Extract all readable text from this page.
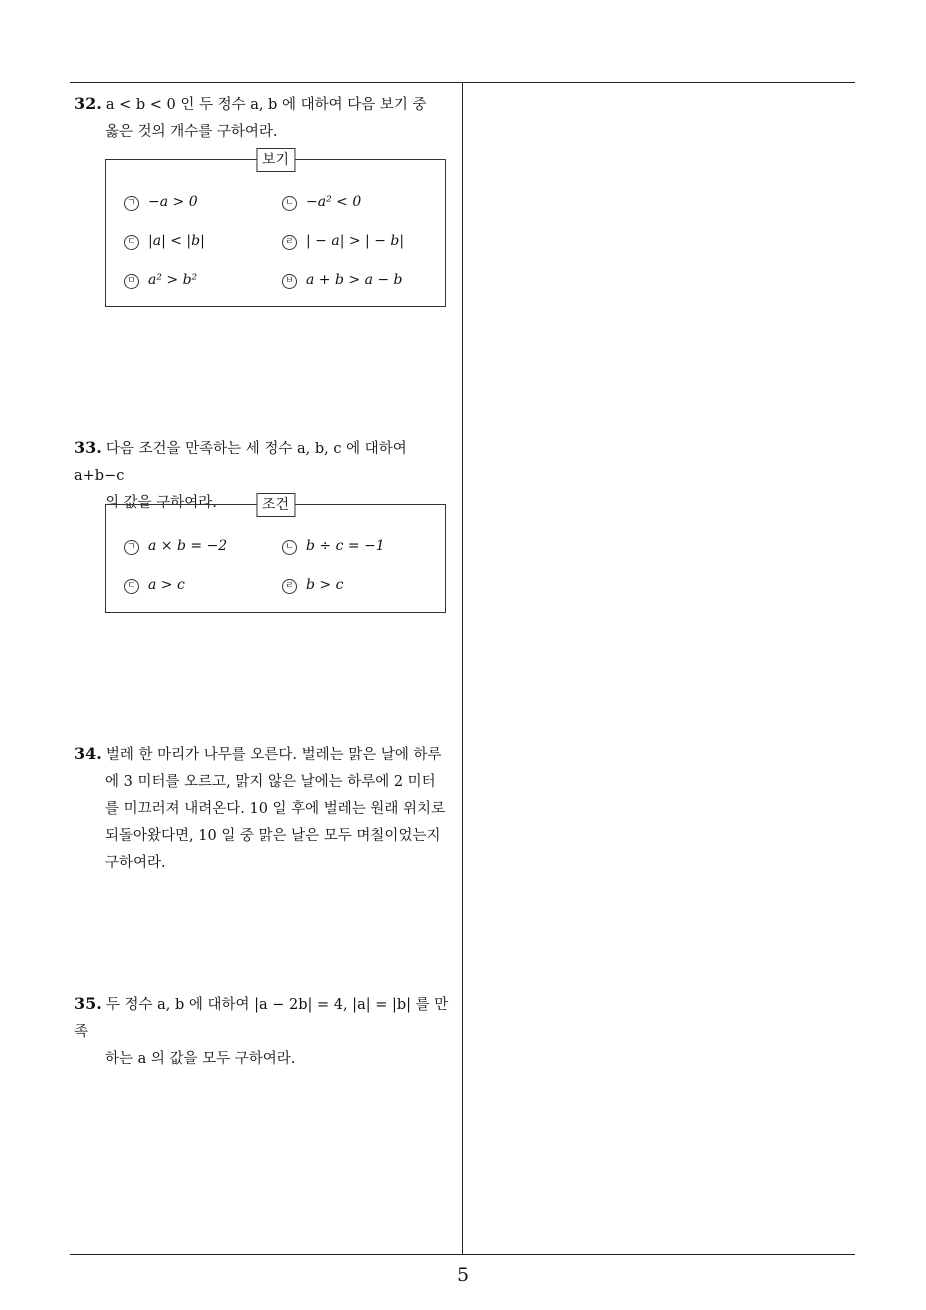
32. a < b < 0 인 두 정수 a, b 에 대하여 다음 보기 중
옳은 것의 개수를 구하여라.
보기
ㄱ −a > 0	ㄴ −a² < 0
ㄷ |a| < |b|	ㄹ | − a| > | − b|
ㅁ a² > b²	ㅂ a + b > a − b
33. 다음 조건을 만족하는 세 정수 a, b, c 에 대하여 a+b−c
의 값을 구하여라.	조건
ㄱ a × b = −2	ㄴ b ÷ c = −1
ㄷ a > c	ㄹ b > c
34. 벌레 한 마리가 나무를 오른다. 벌레는 맑은 날에 하루
에 3 미터를 오르고, 맑지 않은 날에는 하루에 2 미터
를 미끄러져 내려온다. 10 일 후에 벌레는 원래 위치로
되돌아왔다면, 10 일 중 맑은 날은 모두 며칠이었는지
구하여라.
35. 두 정수 a, b 에 대하여 |a − 2b| = 4, |a| = |b| 를 만족
하는 a 의 값을 모두 구하여라.
5
